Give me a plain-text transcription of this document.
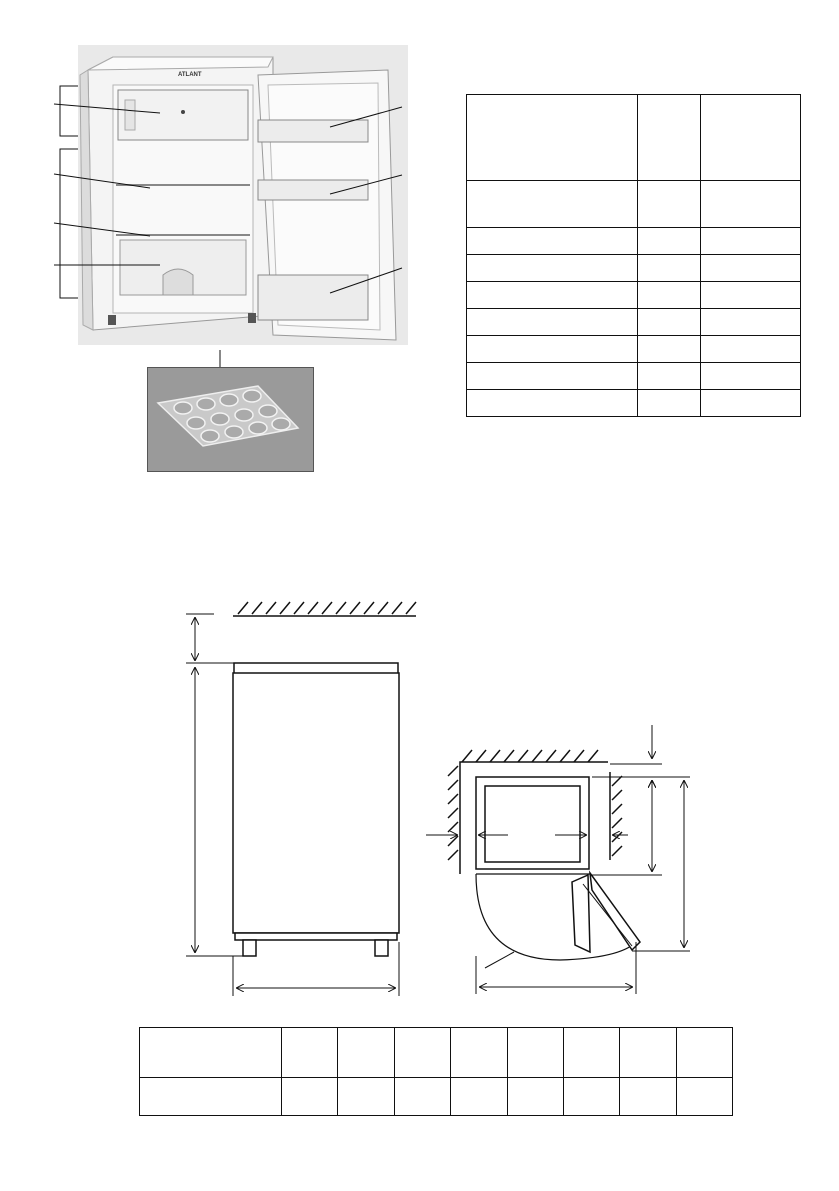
ATLANT
